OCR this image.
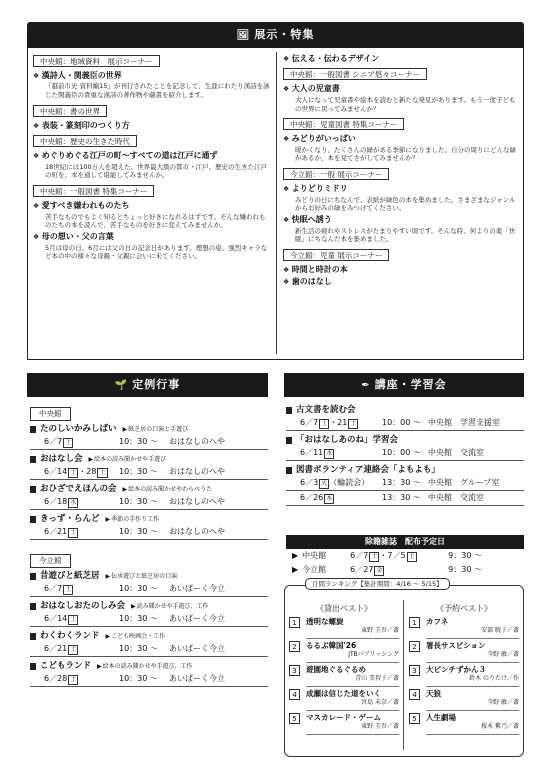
🖼 展示・特集
中央館：地域資料　展示コーナー

❖ 漢詩人・関義臣の世界
『越前市史 資料編15』が刊行されたことを記念して、生涯にわたり漢詩を詠じた関義臣の貴重な漢詩の著作物や蔵書を紹介します。
中央館：書の世界

❖ 表装・篆刻印のつくり方
中央館：歴史の生きた時代

❖ めぐりめぐる江戸の町～すべての道は江戸に通ず
18世紀には100万人を超えた、世界最大級の都市・江戸。歴史の生きた江戸の町を、本を通して堪能してみませんか。
中央館：一般図書 特集コーナー

❖ 愛すべき嫌われものたち
苦手なものでもよく知るとちょっと好きになれるはずです。そんな嫌われものたちの本を読んで、苦手なものを好きに変えてみませんか。
❖ 母の想い・父の言葉
5月は母の日、6月には父の日の記念日があります。理想の姿、強烈キャラなど本の中の様々な母親・父親に会いに来てください。
❖ 伝える・伝わるデザイン
中央館：一般図書 シニア悠々コーナー

❖ 大人の児童書
大人になって児童書や絵本を読むと新たな発見があります。もう一度子どもの世界に戻ってみませんか？
中央館：児童図書 特集コーナー

❖ みどりがいっぱい
暖かくなり、たくさんの緑がある季節になりました。自分の周りにどんな緑があるか、本を見てさがしてみませんか？
今立館：一般 展示コーナー

❖ よりどりミドリ
みどりの日にちなんで、表紙が緑色の本を集めました。さまざまなジャンルからお好みの緑をみつけてください。
❖ 快眠へ誘う
新生活の疲れやストレスがたまりやすい頃です。そんな時、何よりの薬「快眠」にちなんだ本を集めました。
今立館：児童 展示コーナー

❖ 時間と時計の本
❖ 歯のはなし
🌱 定例行事
中央館
たのしいかみしばい ▶紙芝居の口演と手遊び
6／7 土	10：30 〜	おはなしのへや
おはなし会 ▶絵本の読み聞かせや手遊び
6／14 土 ・28 土	10：30 〜	おはなしのへや
おひざでえほんの会 ▶絵本の読み聞かせやわらべうた
6／18 水	10：30 〜	おはなしのへや
きっず・らんど ▶季節の手作り工作
6／21 土	10：30 〜	おはなしのへや
今立館
昔遊びと紙芝居 ▶伝承遊びと紙芝居の口演
6／7 土	10：30 〜	あいぱーく今立
おはなしおたのしみ会 ▶読み聞かせや手遊び、工作
6／14 土	10：30 〜	あいぱーく今立
わくわくランド ▶こども映画会・工作
6／21 土	10：30 〜	あいぱーく今立
こどもランド ▶絵本の読み聞かせや手遊び、工作
6／28 土	10：30 〜	あいぱーく今立
✒ 講座・学習会
古文書を読む会
6／7 土 ・21 土	10：00 〜 中央館　学習支援室
「おはなしあのね」学習会
6／11 水	10：00 〜 中央館　交流室
図書ボランティア連絡会「よもよも」
6／3 火 （輪読会）	13：30 〜 中央館　グループ室
6／26 木	13：30 〜 中央館　交流室
除籍雑誌　配布予定日
▶ 中央館	6／7 土 ・7／5 土	9：30 〜
▶ 今立館	6／27 金	9：30 〜
月間ランキング【集計期間：4/16 〜 5/15】
《貸出ベスト》
1	透明な螺旋
東野 圭吾／著
2	るるぶ韓国'26
JTBパブリッシング
3	遊園地ぐるぐるめ
青山 美智子／著
4	成瀬は信じた道をいく
宮島 未奈／著
5	マスカレード・ゲーム
東野 圭吾／著
《予約ベスト》
1	カフネ
安部 暁子／著
2	署長サスピション
今野 敏／著
3	大ピンチずかん３
鈴木 のりたけ／作
4	天狼
今野 敏／著
5	人生劇場
桜木 紫乃／著
